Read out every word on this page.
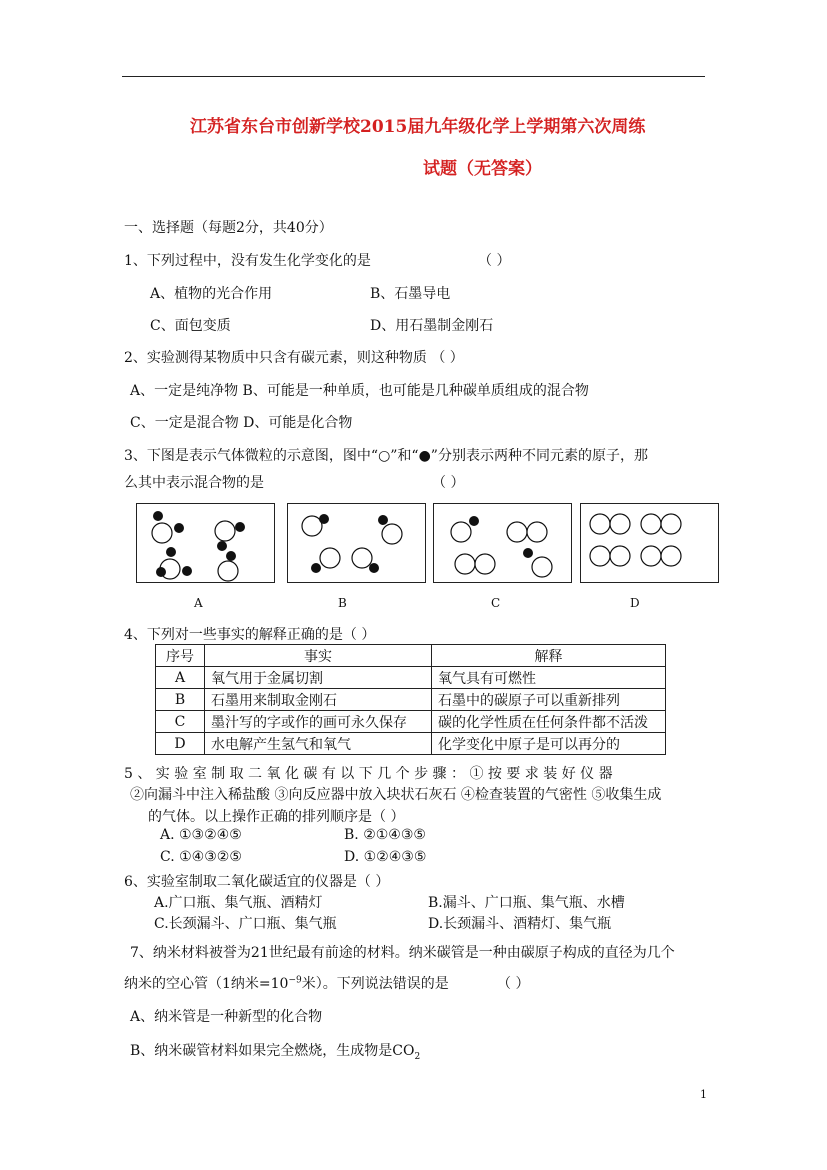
江苏省东台市创新学校2015届九年级化学上学期第六次周练
试题（无答案）
一、选择题（每题2分，共40分）
1、下列过程中，没有发生化学变化的是	（ ）
A、植物的光合作用	B、石墨导电
C、面包变质	D、用石墨制金刚石
2、实验测得某物质中只含有碳元素，则这种物质 （ ）
A、一定是纯净物 B、可能是一种单质，也可能是几种碳单质组成的混合物
C、一定是混合物 D、可能是化合物
3、下图是表示气体微粒的示意图，图中“○”和“●”分别表示两种不同元素的原子，那
么其中表示混合物的是	（ ）
A	B	C	D
4、下列对一些事实的解释正确的是（ ）
序号	事实	解释
A	氧气用于金属切割	氧气具有可燃性
B	石墨用来制取金刚石	石墨中的碳原子可以重新排列
C	墨汁写的字或作的画可永久保存	碳的化学性质在任何条件都不活泼
D	水电解产生氢气和氧气	化学变化中原子是可以再分的
5 、 实 验 室 制 取 二 氧 化 碳 有 以 下 几 个 步 骤 ： ① 按 要 求 装 好 仪 器
②向漏斗中注入稀盐酸 ③向反应器中放入块状石灰石 ④检查装置的气密性 ⑤收集生成
的气体。以上操作正确的排列顺序是（ ）
A. ①③②④⑤	B. ②①④③⑤
C. ①④③②⑤	D. ①②④③⑤
6、实验室制取二氧化碳适宜的仪器是（ ）
A.广口瓶、集气瓶、酒精灯	B.漏斗、广口瓶、集气瓶、水槽
C.长颈漏斗、广口瓶、集气瓶	D.长颈漏斗、酒精灯、集气瓶
7、纳米材料被誉为21世纪最有前途的材料。纳米碳管是一种由碳原子构成的直径为几个
纳米的空心管（1纳米$=10^{-9}$米）。下列说法错误的是	（ ）
A、纳米管是一种新型的化合物
B、纳米碳管材料如果完全燃烧，生成物是$CO_2$
1
